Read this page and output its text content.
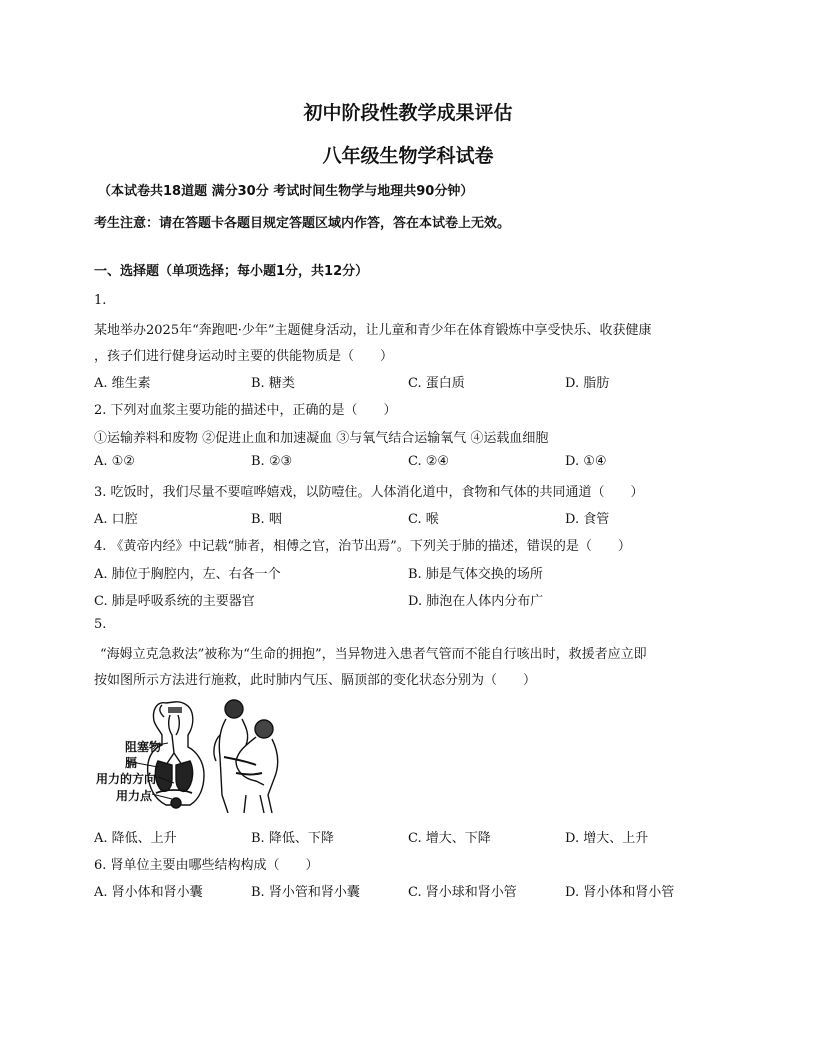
初中阶段性教学成果评估
八年级生物学科试卷
（本试卷共18道题 满分30分 考试时间生物学与地理共90分钟）
考生注意：请在答题卡各题目规定答题区域内作答，答在本试卷上无效。
一、选择题（单项选择；每小题1分，共12分）
1.
某地举办2025年“奔跑吧·少年”主题健身活动，让儿童和青少年在体育锻炼中享受快乐、收获健康
，孩子们进行健身运动时主要的供能物质是（　　）
A. 维生素	B. 糖类	C. 蛋白质	D. 脂肪
2. 下列对血浆主要功能的描述中，正确的是（　　）
①运输养料和废物 ②促进止血和加速凝血 ③与氧气结合运输氧气 ④运载血细胞
A. ①②	B. ②③	C. ②④	D. ①④
3. 吃饭时，我们尽量不要喧哗嬉戏，以防噎住。人体消化道中，食物和气体的共同通道（　　）
A. 口腔	B. 咽	C. 喉	D. 食管
4. 《黄帝内经》中记载“肺者，相傅之官，治节出焉”。下列关于肺的描述，错误的是（　　）
A. 肺位于胸腔内，左、右各一个	B. 肺是气体交换的场所
C. 肺是呼吸系统的主要器官	D. 肺泡在人体内分布广
5.
“海姆立克急救法”被称为“生命的拥抱”，当异物进入患者气管而不能自行咳出时，救援者应立即
按如图所示方法进行施救，此时肺内气压、膈顶部的变化状态分别为（　　）
阻塞物
膈
用力的方向
用力点
A. 降低、上升	B. 降低、下降	C. 增大、下降	D. 增大、上升
6. 肾单位主要由哪些结构构成（　　）
A. 肾小体和肾小囊	B. 肾小管和肾小囊	C. 肾小球和肾小管	D. 肾小体和肾小管
